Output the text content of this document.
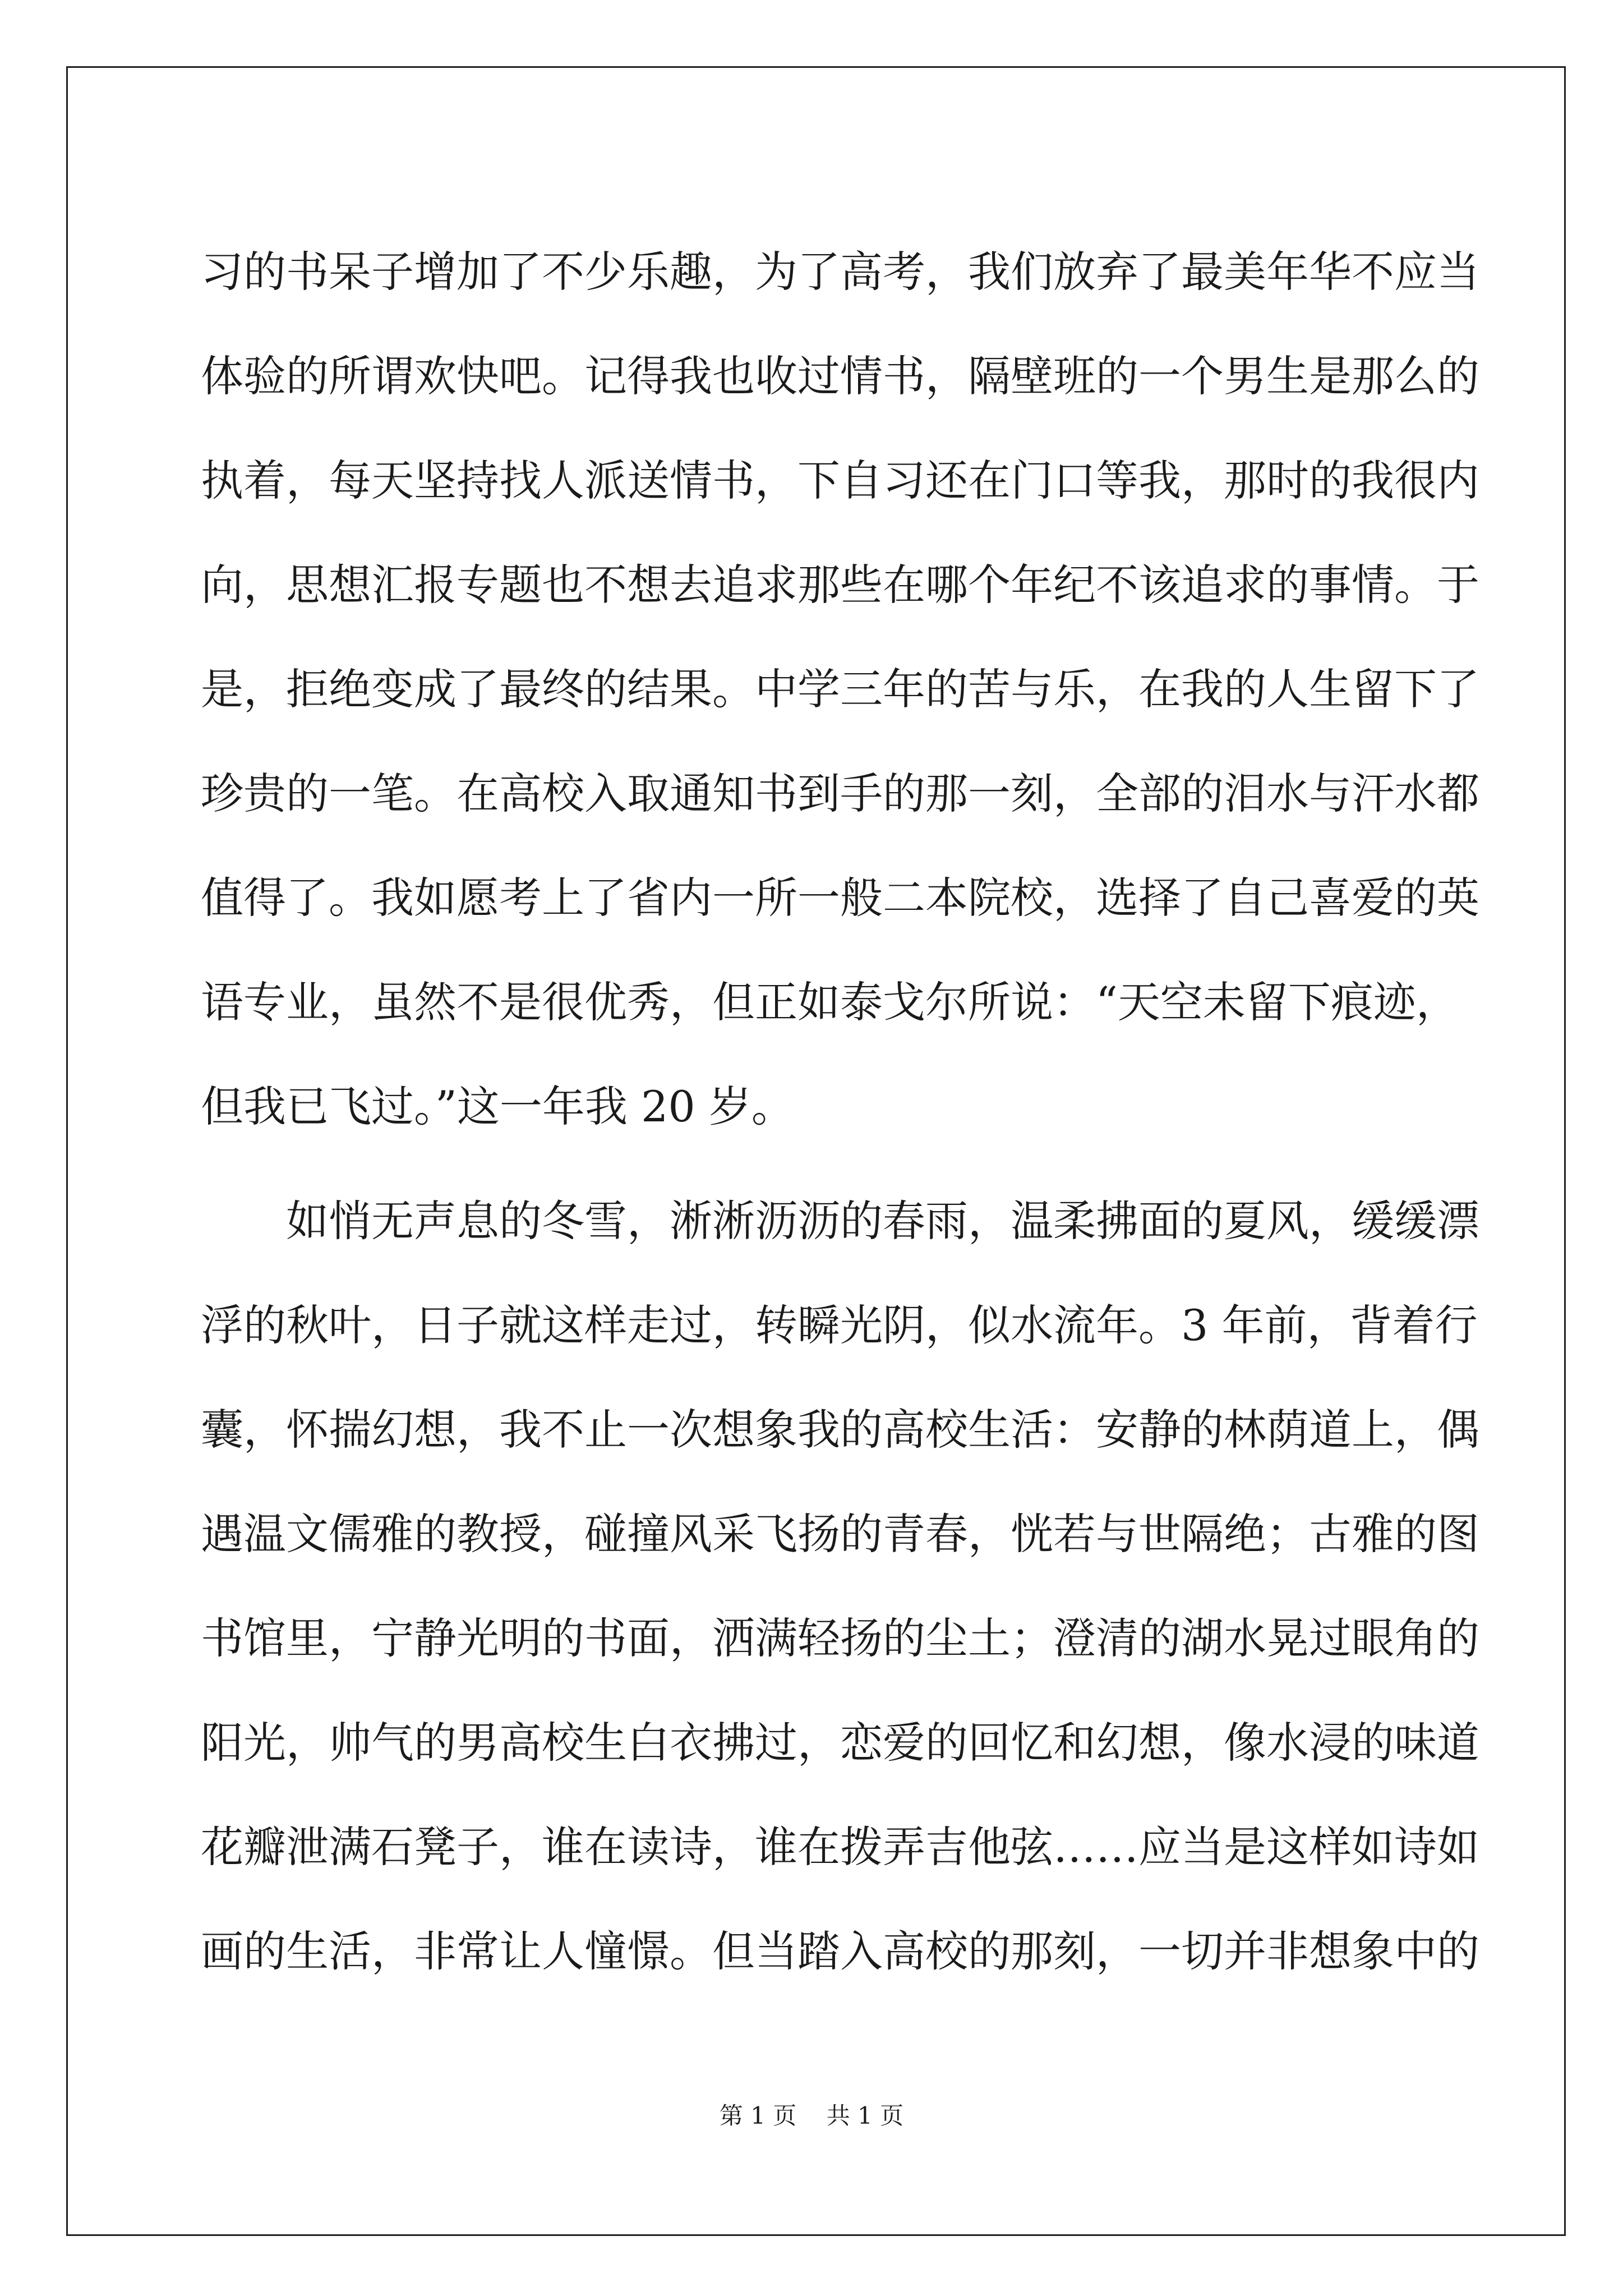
习的书呆子增加了不少乐趣，为了高考，我们放弃了最美年华不应当
体验的所谓欢快吧。记得我也收过情书，隔壁班的一个男生是那么的
执着，每天坚持找人派送情书，下自习还在门口等我，那时的我很内
向，思想汇报专题也不想去追求那些在哪个年纪不该追求的事情。于
是，拒绝变成了最终的结果。中学三年的苦与乐，在我的人生留下了
珍贵的一笔。在高校入取通知书到手的那一刻，全部的泪水与汗水都
值得了。我如愿考上了省内一所一般二本院校，选择了自己喜爱的英
语专业，虽然不是很优秀，但正如泰戈尔所说：“天空未留下痕迹，
但我已飞过。”这一年我 20 岁。
如悄无声息的冬雪，淅淅沥沥的春雨，温柔拂面的夏风，缓缓漂
浮的秋叶，日子就这样走过，转瞬光阴，似水流年。3 年前，背着行
囊，怀揣幻想，我不止一次想象我的高校生活：安静的林荫道上，偶
遇温文儒雅的教授，碰撞风采飞扬的青春，恍若与世隔绝；古雅的图
书馆里，宁静光明的书面，洒满轻扬的尘土；澄清的湖水晃过眼角的
阳光，帅气的男高校生白衣拂过，恋爱的回忆和幻想，像水浸的味道
花瓣泄满石凳子，谁在读诗，谁在拨弄吉他弦……应当是这样如诗如
画的生活，非常让人憧憬。但当踏入高校的那刻，一切并非想象中的
第 1 页    共 1 页
